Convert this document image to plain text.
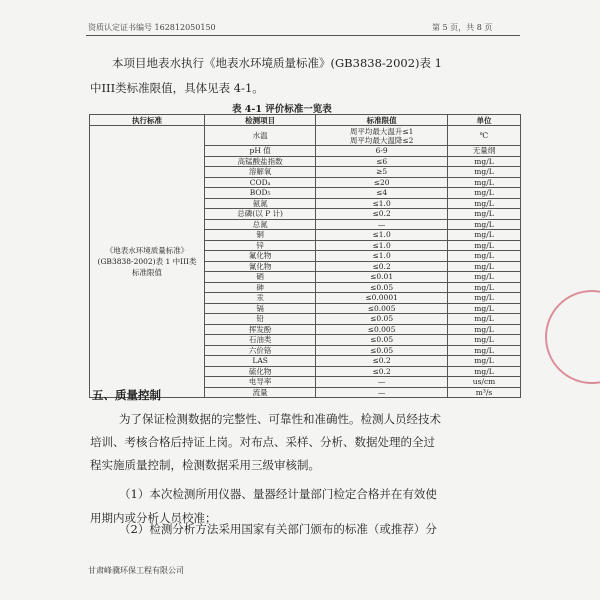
资质认定证书编号 162812050150	第 5 页，共 8 页
本项目地表水执行《地表水环境质量标准》(GB3838-2002)表 1
中III类标准限值，具体见表 4-1。
表 4-1 评价标准一览表
执行标准	检测项目	标准限值	单位
《地表水环境质量标准》(GB3838-2002)表 1 中III类标准限值	水温	周平均最大温升≤1
周平均最大温降≤2	℃
	pH 值	6-9	无量纲
	高锰酸盐指数	≤6	mg/L
	溶解氧	≥5	mg/L
	CODₐ	≤20	mg/L
	BOD₅	≤4	mg/L
	氨氮	≤1.0	mg/L
	总磷(以 P 计)	≤0.2	mg/L
	总氮	—	mg/L
	铜	≤1.0	mg/L
	锌	≤1.0	mg/L
	氟化物	≤1.0	mg/L
	氰化物	≤0.2	mg/L
	硒	≤0.01	mg/L
	砷	≤0.05	mg/L
	汞	≤0.0001	mg/L
	镉	≤0.005	mg/L
	铅	≤0.05	mg/L
	挥发酚	≤0.005	mg/L
	石油类	≤0.05	mg/L
	六价铬	≤0.05	mg/L
	LAS	≤0.2	mg/L
	硫化物	≤0.2	mg/L
	电导率	—	us/cm
	流量	—	m³/s
五、质量控制
为了保证检测数据的完整性、可靠性和准确性。检测人员经技术
培训、考核合格后持证上岗。对布点、采样、分析、数据处理的全过
程实施质量控制，检测数据采用三级审核制。
（1）本次检测所用仪器、量器经计量部门检定合格并在有效使
用期内或分析人员校准；
（2）检测分析方法采用国家有关部门颁布的标准（或推荐）分
甘肃峰骥环保工程有限公司
